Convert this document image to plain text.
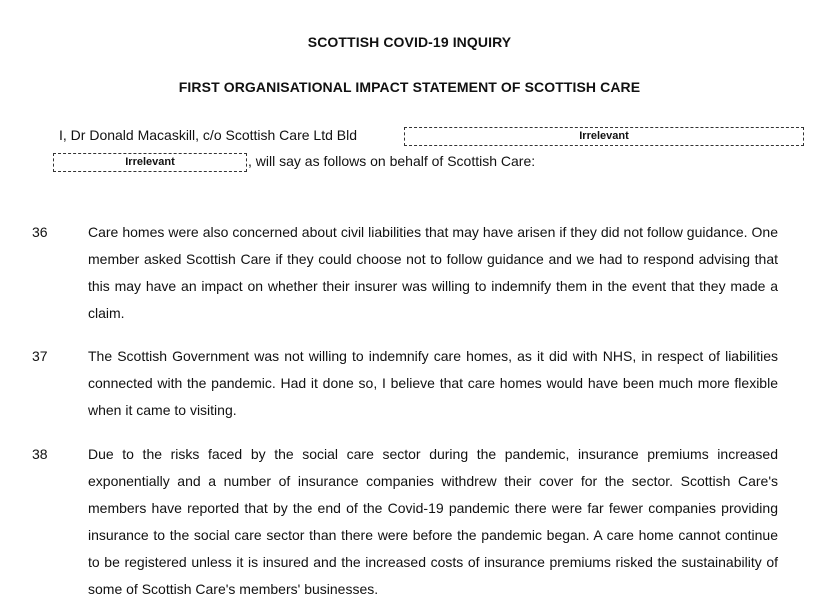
SCOTTISH COVID-19 INQUIRY
FIRST ORGANISATIONAL IMPACT STATEMENT OF SCOTTISH CARE
I, Dr Donald Macaskill, c/o Scottish Care Ltd Bld	Irrelevant
Irrelevant	, will say as follows on behalf of Scottish Care:
36	Care homes were also concerned about civil liabilities that may have arisen if they did not follow guidance. One member asked Scottish Care if they could choose not to follow guidance and we had to respond advising that this may have an impact on whether their insurer was willing to indemnify them in the event that they made a claim.
37	The Scottish Government was not willing to indemnify care homes, as it did with NHS, in respect of liabilities connected with the pandemic. Had it done so, I believe that care homes would have been much more flexible when it came to visiting.
38	Due to the risks faced by the social care sector during the pandemic, insurance premiums increased exponentially and a number of insurance companies withdrew their cover for the sector. Scottish Care's members have reported that by the end of the Covid-19 pandemic there were far fewer companies providing insurance to the social care sector than there were before the pandemic began. A care home cannot continue to be registered unless it is insured and the increased costs of insurance premiums risked the sustainability of some of Scottish Care's members' businesses.
